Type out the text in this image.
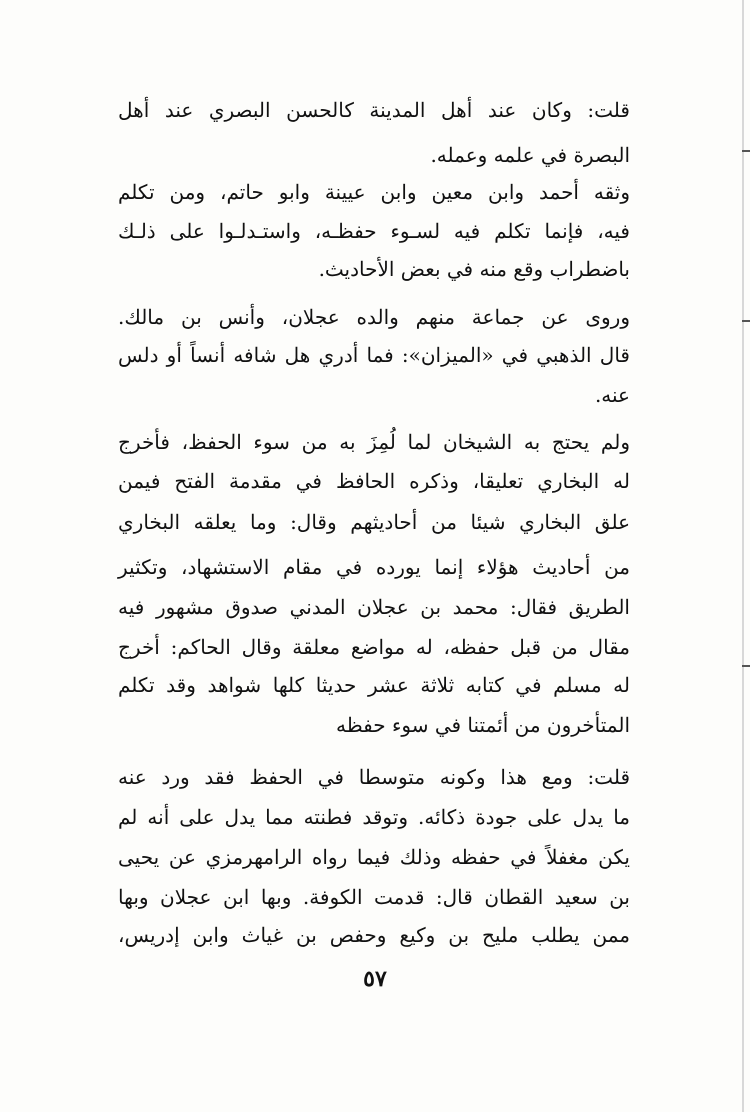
قلت: وكان عند أهل المدينة كالحسن البصري عند أهل
البصرة في علمه وعمله.
وثقه أحمد وابن معين وابن عيينة وابو حاتم، ومن تكلم
فيه، فإنما تكلم فيه لسـوء حفظـه، واستـدلـوا على ذلـك
باضطراب وقع منه في بعض الأحاديث.
وروى عن جماعة منهم والده عجلان، وأنس بن مالك.
قال الذهبي في «الميزان»: فما أدري هل شافه أنساً أو دلس
عنه.
ولم يحتج به الشيخان لما لُمِزَ به من سوء الحفظ، فأخرج
له البخاري تعليقا، وذكره الحافظ في مقدمة الفتح فيمن
علق البخاري شيئا من أحاديثهم وقال: وما يعلقه البخاري
من أحاديث هؤلاء إنما يورده في مقام الاستشهاد، وتكثير
الطريق فقال: محمد بن عجلان المدني صدوق مشهور فيه
مقال من قبل حفظه، له مواضع معلقة وقال الحاكم: أخرج
له مسلم في كتابه ثلاثة عشر حديثا كلها شواهد وقد تكلم
المتأخرون من أئمتنا في سوء حفظه
قلت: ومع هذا وكونه متوسطا في الحفظ فقد ورد عنه
ما يدل على جودة ذكائه. وتوقد فطنته مما يدل على أنه لم
يكن مغفلاً في حفظه وذلك فيما رواه الرامهرمزي عن يحيى
بن سعيد القطان قال: قدمت الكوفة. وبها ابن عجلان وبها
ممن يطلب مليح بن وكيع وحفص بن غياث وابن إدريس،
٥٧
